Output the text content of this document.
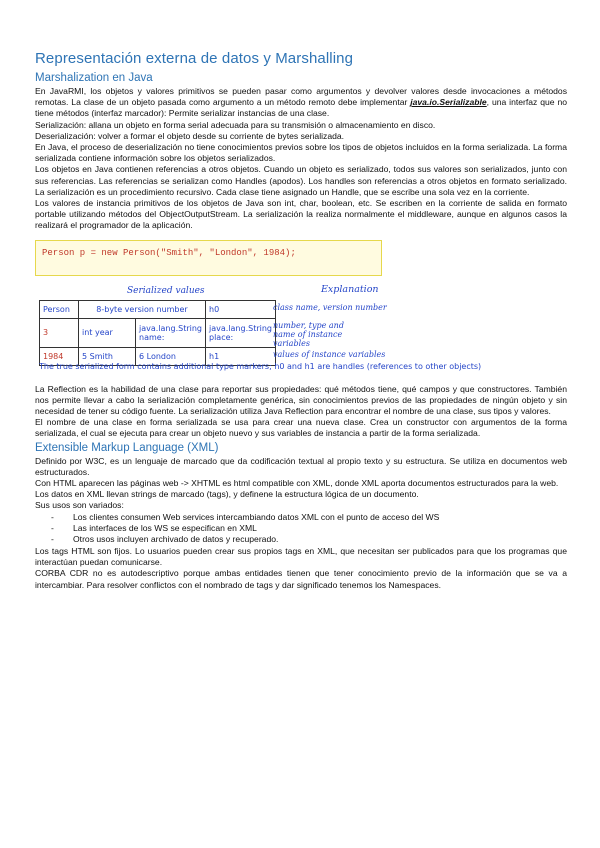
Representación externa de datos y Marshalling
Marshalization en Java

En JavaRMI, los objetos y valores primitivos se pueden pasar como argumentos y devolver valores desde invocaciones a métodos remotas. La clase de un objeto pasada como argumento a un método remoto debe implementar java.io.Serializable, una interfaz que no tiene métodos (interfaz marcador): Permite serializar instancias de una clase.

Serialización: allana un objeto en forma serial adecuada para su transmisión o almacenamiento en disco.

Deserialización: volver a formar el objeto desde su corriente de bytes serializada.

En Java, el proceso de deserialización no tiene conocimientos previos sobre los tipos de objetos incluidos en la forma serializada. La forma serializada contiene información sobre los objetos serializados.

Los objetos en Java contienen referencias a otros objetos. Cuando un objeto es serializado, todos sus valores son serializados, junto con sus referencias. Las referencias se serializan como Handles (apodos). Los handles son referencias a otros objetos en formato serializado. La serialización es un procedimiento recursivo. Cada clase tiene asignado un Handle, que se escribe una sola vez en la corriente.

Los valores de instancia primitivos de los objetos de Java son int, char, boolean, etc. Se escriben en la corriente de salida en formato portable utilizando métodos del ObjectOutputStream. La serialización la realiza normalmente el middleware, aunque en algunos casos la realizará el programador de la aplicación.

Person p = new Person("Smith", "London", 1984);
Serialized values	Explanation
Person	8-byte version number		h0
3	int year	java.lang.String name:	java.lang.String place:
1984	5 Smith	6 London	h1
class name, version number
number, type and name of instance variables
values of instance variables
The true serialized form contains additional type markers; h0 and h1 are handles (references to other objects)

La Reflection es la habilidad de una clase para reportar sus propiedades: qué métodos tiene, qué campos y que constructores. También nos permite llevar a cabo la serialización completamente genérica, sin conocimientos previos de las propiedades de ningún objeto y sin necesidad de tener su código fuente. La serialización utiliza Java Reflection para encontrar el nombre de una clase, sus tipos y valores.

El nombre de una clase en forma serializada se usa para crear una nueva clase. Crea un constructor con argumentos de la forma serializada, el cual se ejecuta para crear un objeto nuevo y sus variables de instancia a partir de la forma serializada.

Extensible Markup Language (XML)

Definido por W3C, es un lenguaje de marcado que da codificación textual al propio texto y su estructura. Se utiliza en documentos web estructurados.

Con HTML aparecen las páginas web -> XHTML es html compatible con XML, donde XML aporta documentos estructurados para la web.

Los datos en XML llevan strings de marcado (tags), y definene la estructura lógica de un documento.

Sus usos son variados:

- Los clientes consumen Web services intercambiando datos XML con el punto de acceso del WS
- Las interfaces de los WS se especifican en XML
- Otros usos incluyen archivado de datos y recuperado.

Los tags HTML son fijos. Lo usuarios pueden crear sus propios tags en XML, que necesitan ser publicados para que los programas que interactúan puedan comunicarse.

CORBA CDR no es autodescriptivo porque ambas entidades tienen que tener conocimiento previo de la información que se va a intercambiar. Para resolver conflictos con el nombrado de tags y dar significado tenemos los Namespaces.
